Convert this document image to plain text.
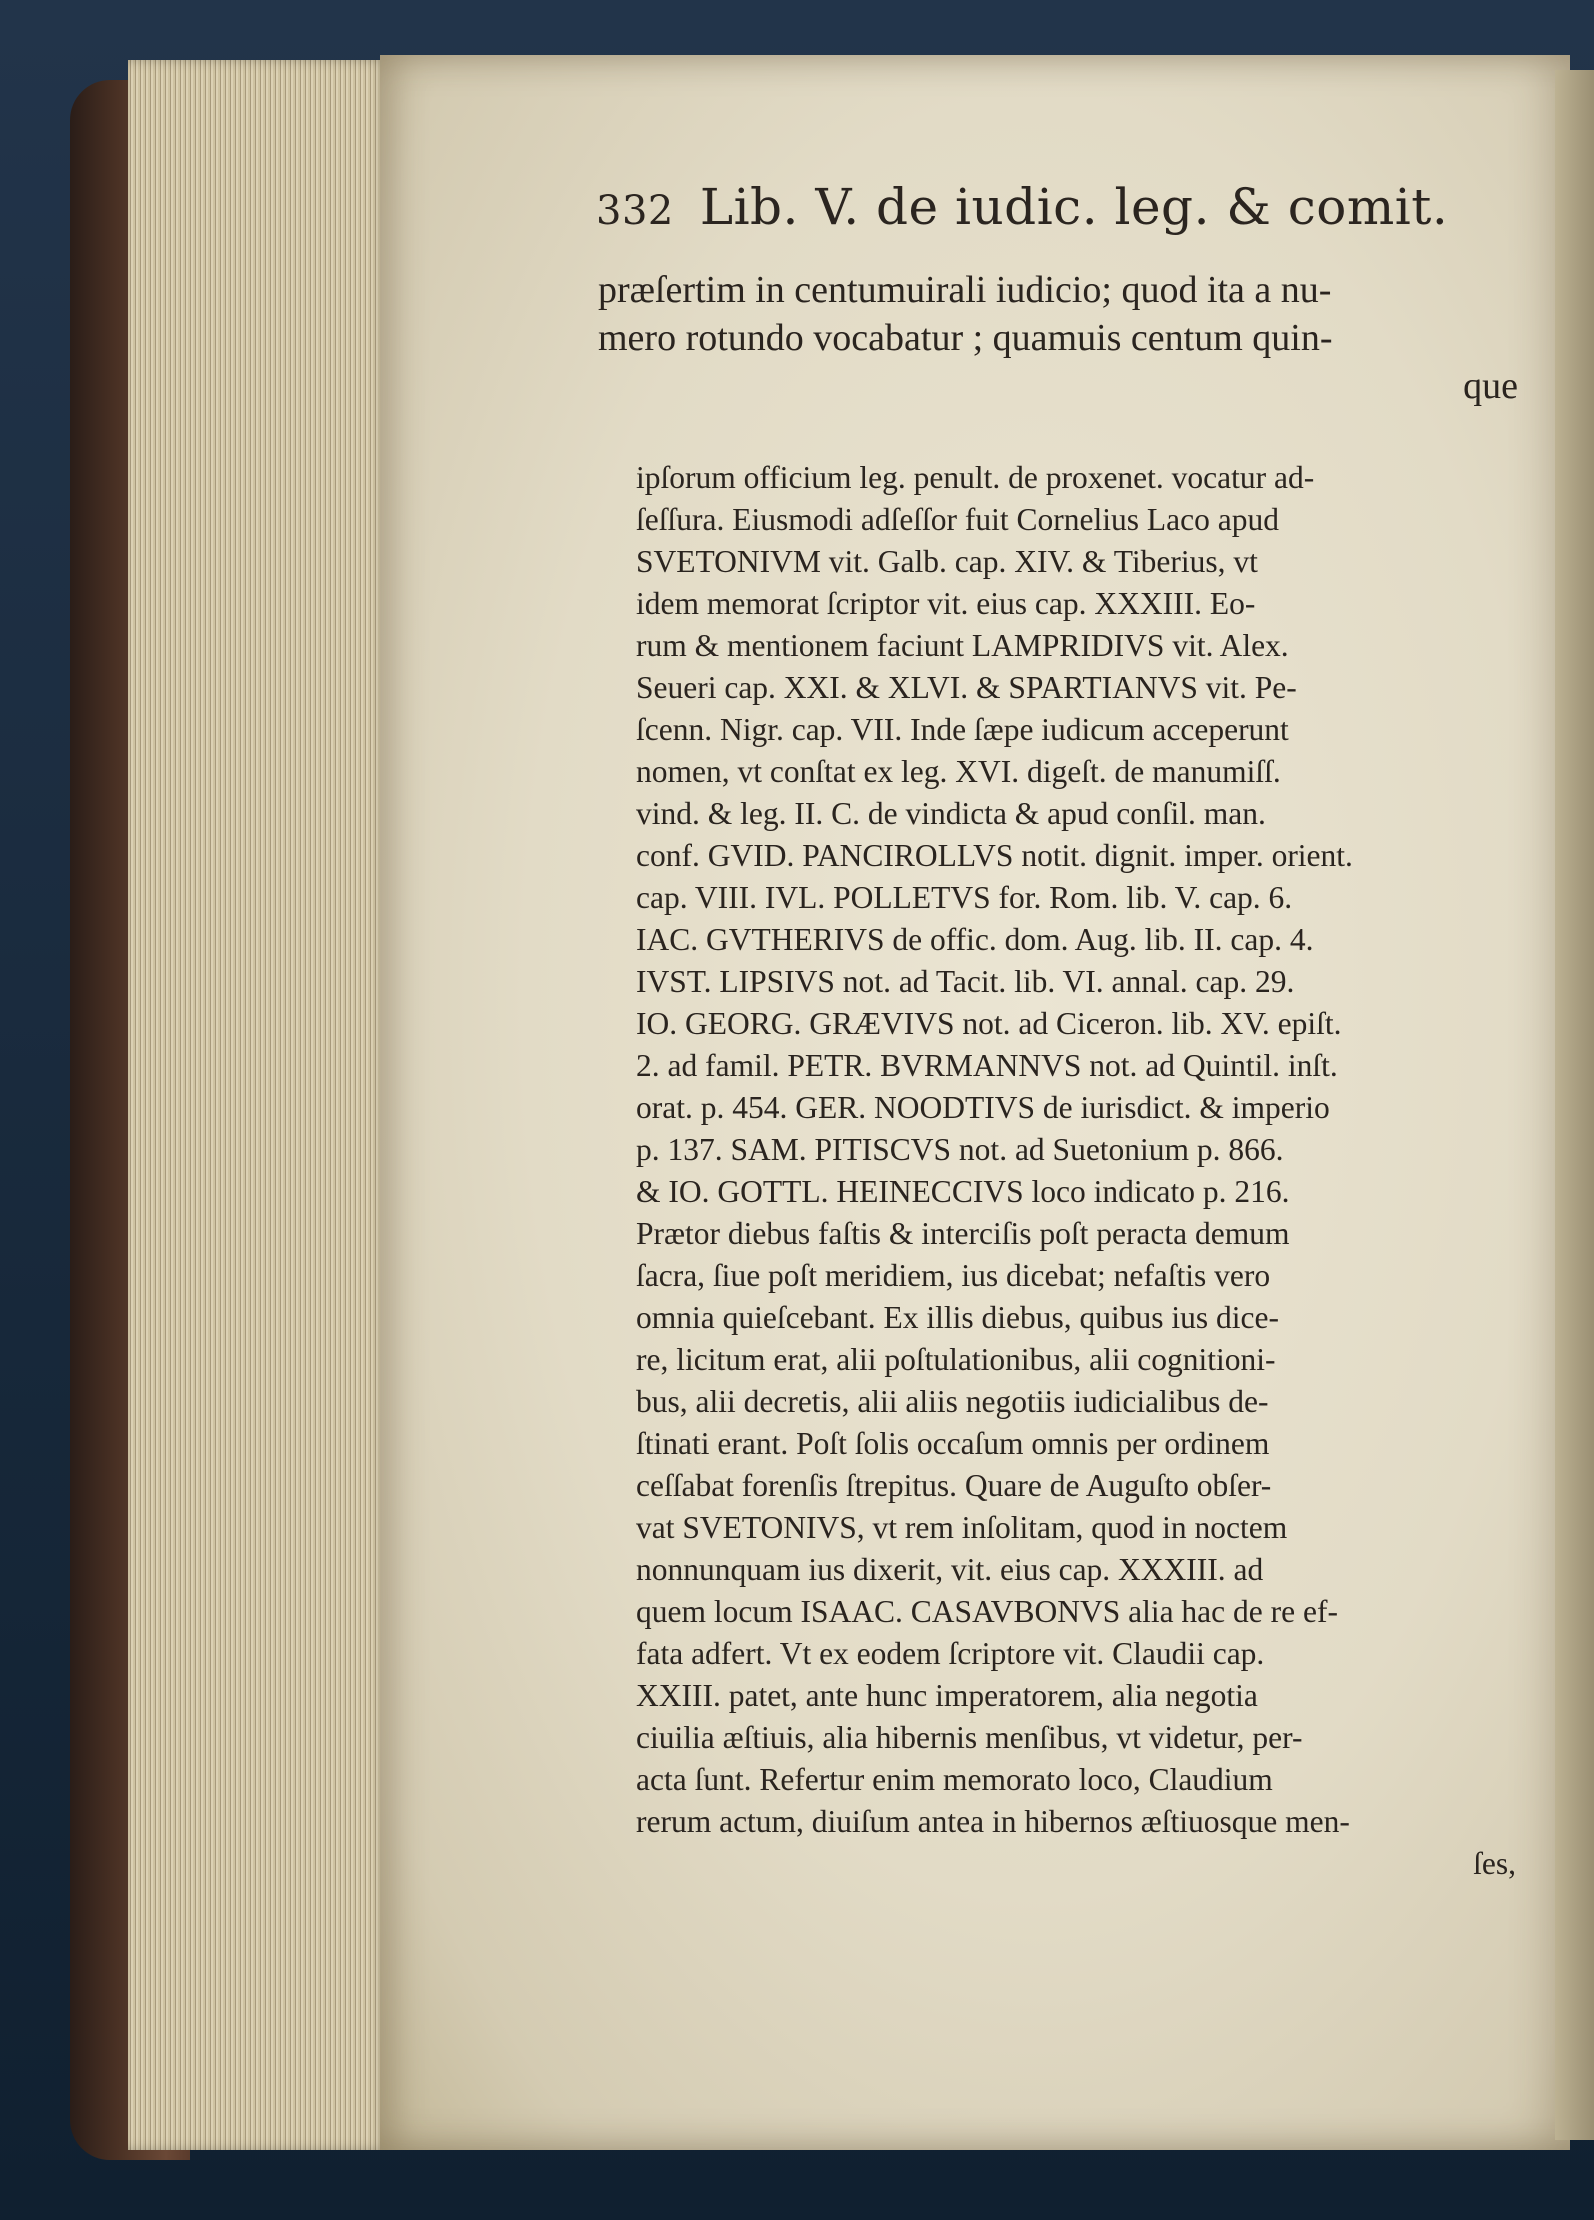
332 Lib. V. de iudic. leg. & comit.
præſertim in centumuirali iudicio; quod ita a nu-
mero rotundo vocabatur ; quamuis centum quin-
que
ipſorum officium leg. penult. de proxenet. vocatur ad-
ſeſſura. Eiusmodi adſeſſor fuit Cornelius Laco apud
SVETONIVM vit. Galb. cap. XIV. & Tiberius, vt
idem memorat ſcriptor vit. eius cap. XXXIII. Eo-
rum & mentionem faciunt LAMPRIDIVS vit. Alex.
Seueri cap. XXI. & XLVI. & SPARTIANVS vit. Pe-
ſcenn. Nigr. cap. VII. Inde ſæpe iudicum acceperunt
nomen, vt conſtat ex leg. XVI. digeſt. de manumiſſ.
vind. & leg. II. C. de vindicta & apud conſil. man.
conf. GVID. PANCIROLLVS notit. dignit. imper. orient.
cap. VIII. IVL. POLLETVS for. Rom. lib. V. cap. 6.
IAC. GVTHERIVS de offic. dom. Aug. lib. II. cap. 4.
IVST. LIPSIVS not. ad Tacit. lib. VI. annal. cap. 29.
IO. GEORG. GRÆVIVS not. ad Ciceron. lib. XV. epiſt.
2. ad famil. PETR. BVRMANNVS not. ad Quintil. inſt.
orat. p. 454. GER. NOODTIVS de iurisdict. & imperio
p. 137. SAM. PITISCVS not. ad Suetonium p. 866.
& IO. GOTTL. HEINECCIVS loco indicato p. 216.
Prætor diebus faſtis & interciſis poſt peracta demum
ſacra, ſiue poſt meridiem, ius dicebat; nefaſtis vero
omnia quieſcebant. Ex illis diebus, quibus ius dice-
re, licitum erat, alii poſtulationibus, alii cognitioni-
bus, alii decretis, alii aliis negotiis iudicialibus de-
ſtinati erant. Poſt ſolis occaſum omnis per ordinem
ceſſabat forenſis ſtrepitus. Quare de Auguſto obſer-
vat SVETONIVS, vt rem inſolitam, quod in noctem
nonnunquam ius dixerit, vit. eius cap. XXXIII. ad
quem locum ISAAC. CASAVBONVS alia hac de re ef-
fata adfert. Vt ex eodem ſcriptore vit. Claudii cap.
XXIII. patet, ante hunc imperatorem, alia negotia
ciuilia æſtiuis, alia hibernis menſibus, vt videtur, per-
acta ſunt. Refertur enim memorato loco, Claudium
rerum actum, diuiſum antea in hibernos æſtiuosque men-
ſes,
